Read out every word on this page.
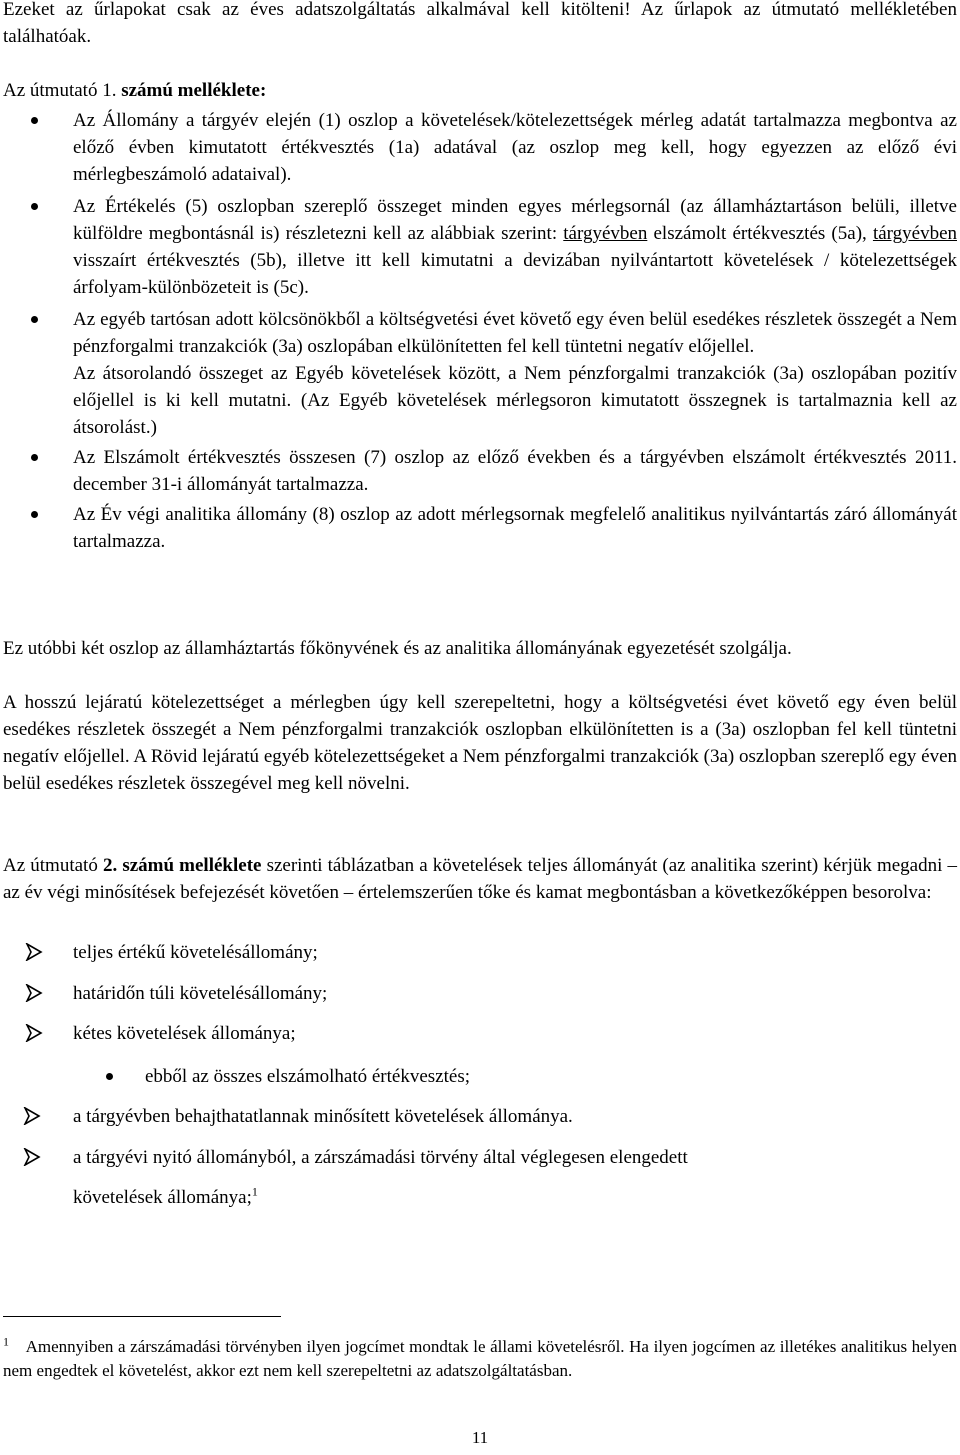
Ezeket az űrlapokat csak az éves adatszolgáltatás alkalmával kell kitölteni! Az űrlapok az útmutató mellékletében találhatóak.

Az útmutató 1. számú melléklete:

Az Állomány a tárgyév elején (1) oszlop a követelések/kötelezettségek mérleg adatát tartalmazza megbontva az előző évben kimutatott értékvesztés (1a) adatával (az oszlop meg kell, hogy egyezzen az előző évi mérlegbeszámoló adataival).
Az Értékelés (5) oszlopban szereplő összeget minden egyes mérlegsornál (az államháztartáson belüli, illetve külföldre megbontásnál is) részletezni kell az alábbiak szerint: tárgyévben elszámolt értékvesztés (5a), tárgyévben visszaírt értékvesztés (5b), illetve itt kell kimutatni a devizában nyilvántartott követelések / kötelezettségek árfolyam-különbözeteit is (5c).
Az egyéb tartósan adott kölcsönökből a költségvetési évet követő egy éven belül esedékes részletek összegét a Nem pénzforgalmi tranzakciók (3a) oszlopában elkülönítetten fel kell tüntetni negatív előjellel.
Az átsorolandó összeget az Egyéb követelések között, a Nem pénzforgalmi tranzakciók (3a) oszlopában pozitív előjellel is ki kell mutatni. (Az Egyéb követelések mérlegsoron kimutatott összegnek is tartalmaznia kell az átsorolást.)
Az Elszámolt értékvesztés összesen (7) oszlop az előző években és a tárgyévben elszámolt értékvesztés 2011. december 31-i állományát tartalmazza.
Az Év végi analitika állomány (8) oszlop az adott mérlegsornak megfelelő analitikus nyilvántartás záró állományát tartalmazza.

Ez utóbbi két oszlop az államháztartás főkönyvének és az analitika állományának egyezetését szolgálja.

A hosszú lejáratú kötelezettséget a mérlegben úgy kell szerepeltetni, hogy a költségvetési évet követő egy éven belül esedékes részletek összegét a Nem pénzforgalmi tranzakciók oszlopban elkülönítetten is a (3a) oszlopban fel kell tüntetni negatív előjellel. A Rövid lejáratú egyéb kötelezettségeket a Nem pénzforgalmi tranzakciók (3a) oszlopban szereplő egy éven belül esedékes részletek összegével meg kell növelni.

Az útmutató 2. számú melléklete szerinti táblázatban a követelések teljes állományát (az analitika szerint) kérjük megadni – az év végi minősítések befejezését követően – értelemszerűen tőke és kamat megbontásban a következőképpen besorolva:

teljes értékű követelésállomány;
határidőn túli követelésállomány;
kétes követelések állománya;
ebből az összes elszámolható értékvesztés;
a tárgyévben behajthatatlannak minősített követelések állománya.
a tárgyévi nyitó állományból, a zárszámadási törvény által véglegesen elengedett
követelések állománya;$^1$
$^1$ Amennyiben a zárszámadási törvényben ilyen jogcímet mondtak le állami követelésről. Ha ilyen jogcímen az illetékes analitikus helyen nem engedtek el követelést, akkor ezt nem kell szerepeltetni az adatszolgáltatásban.
11
